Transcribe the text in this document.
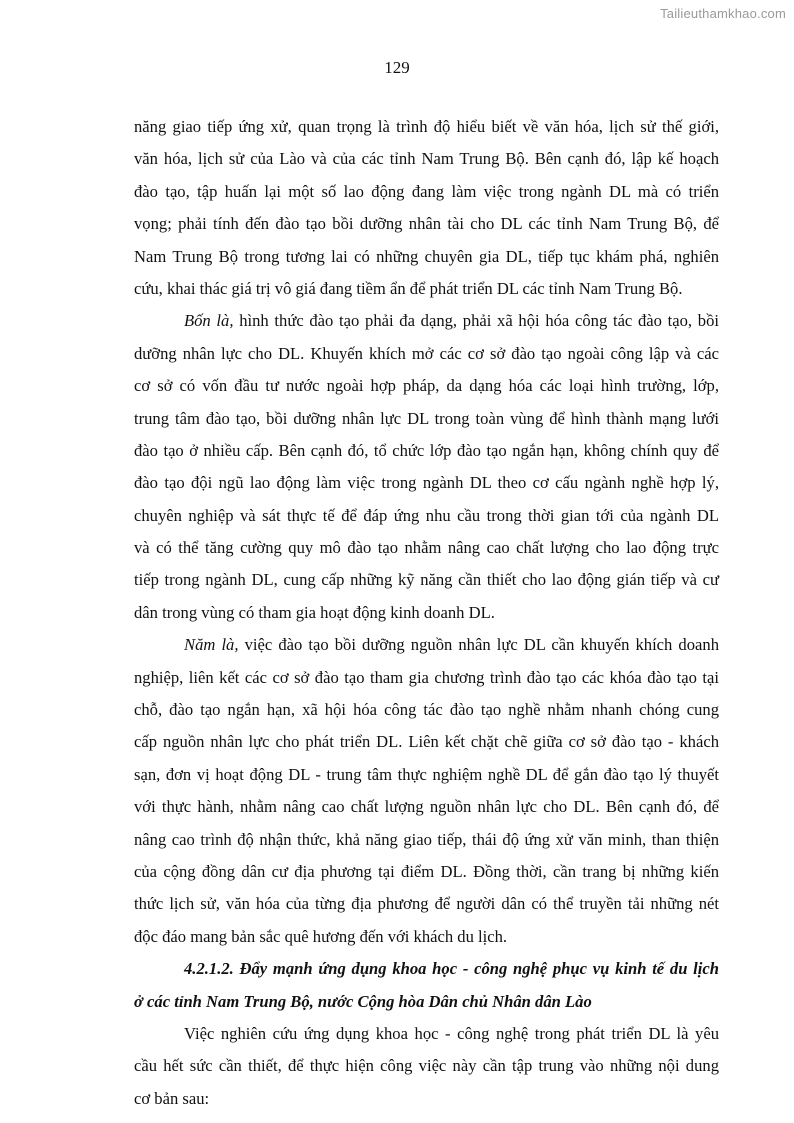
Tailieuthamkhao.com
129
năng giao tiếp ứng xử, quan trọng là trình độ hiểu biết về văn hóa, lịch sử thế giới,
văn hóa, lịch sử của Lào và của các tỉnh Nam Trung Bộ. Bên cạnh đó, lập kế hoạch
đào tạo, tập huấn lại một số lao động đang làm việc trong ngành DL mà có triển
vọng; phải tính đến đào tạo bồi dưỡng nhân tài cho DL các tỉnh Nam Trung Bộ, để
Nam Trung Bộ trong tương lai có những chuyên gia DL, tiếp tục khám phá, nghiên
cứu, khai thác giá trị vô giá đang tiềm ẩn để phát triển DL các tỉnh Nam Trung Bộ.
Bốn là, hình thức đào tạo phải đa dạng, phải xã hội hóa công tác đào tạo, bồi
dưỡng nhân lực cho DL. Khuyến khích mở các cơ sở đào tạo ngoài công lập và các
cơ sở có vốn đầu tư nước ngoài hợp pháp, da dạng hóa các loại hình trường, lớp,
trung tâm đào tạo, bồi dưỡng nhân lực DL trong toàn vùng để hình thành mạng lưới
đào tạo ở nhiều cấp. Bên cạnh đó, tổ chức lớp đào tạo ngắn hạn, không chính quy để
đào tạo đội ngũ lao động làm việc trong ngành DL theo cơ cấu ngành nghề hợp lý,
chuyên nghiệp và sát thực tế để đáp ứng nhu cầu trong thời gian tới của ngành DL
và có thể tăng cường quy mô đào tạo nhằm nâng cao chất lượng cho lao động trực
tiếp trong ngành DL, cung cấp những kỹ năng cần thiết cho lao động gián tiếp và cư
dân trong vùng có tham gia hoạt động kinh doanh DL.
Năm là, việc đào tạo bồi dưỡng nguồn nhân lực DL cần khuyến khích doanh
nghiệp, liên kết các cơ sở đào tạo tham gia chương trình đào tạo các khóa đào tạo tại
chỗ, đào tạo ngắn hạn, xã hội hóa công tác đào tạo nghề nhằm nhanh chóng cung
cấp nguồn nhân lực cho phát triển DL. Liên kết chặt chẽ giữa cơ sở đào tạo - khách
sạn, đơn vị hoạt động DL - trung tâm thực nghiệm nghề DL để gắn đào tạo lý thuyết
với thực hành, nhằm nâng cao chất lượng nguồn nhân lực cho DL. Bên cạnh đó, để
nâng cao trình độ nhận thức, khả năng giao tiếp, thái độ ứng xử văn minh, than thiện
của cộng đồng dân cư địa phương tại điểm DL. Đồng thời, cần trang bị những kiến
thức lịch sử, văn hóa của từng địa phương để người dân có thể truyền tải những nét
độc đáo mang bản sắc quê hương đến với khách du lịch.
4.2.1.2. Đẩy mạnh ứng dụng khoa học - công nghệ phục vụ kinh tế du lịch
ở các tỉnh Nam Trung Bộ, nước Cộng hòa Dân chủ Nhân dân Lào
Việc nghiên cứu ứng dụng khoa học - công nghệ trong phát triển DL là yêu
cầu hết sức cần thiết, để thực hiện công việc này cần tập trung vào những nội dung
cơ bản sau:
